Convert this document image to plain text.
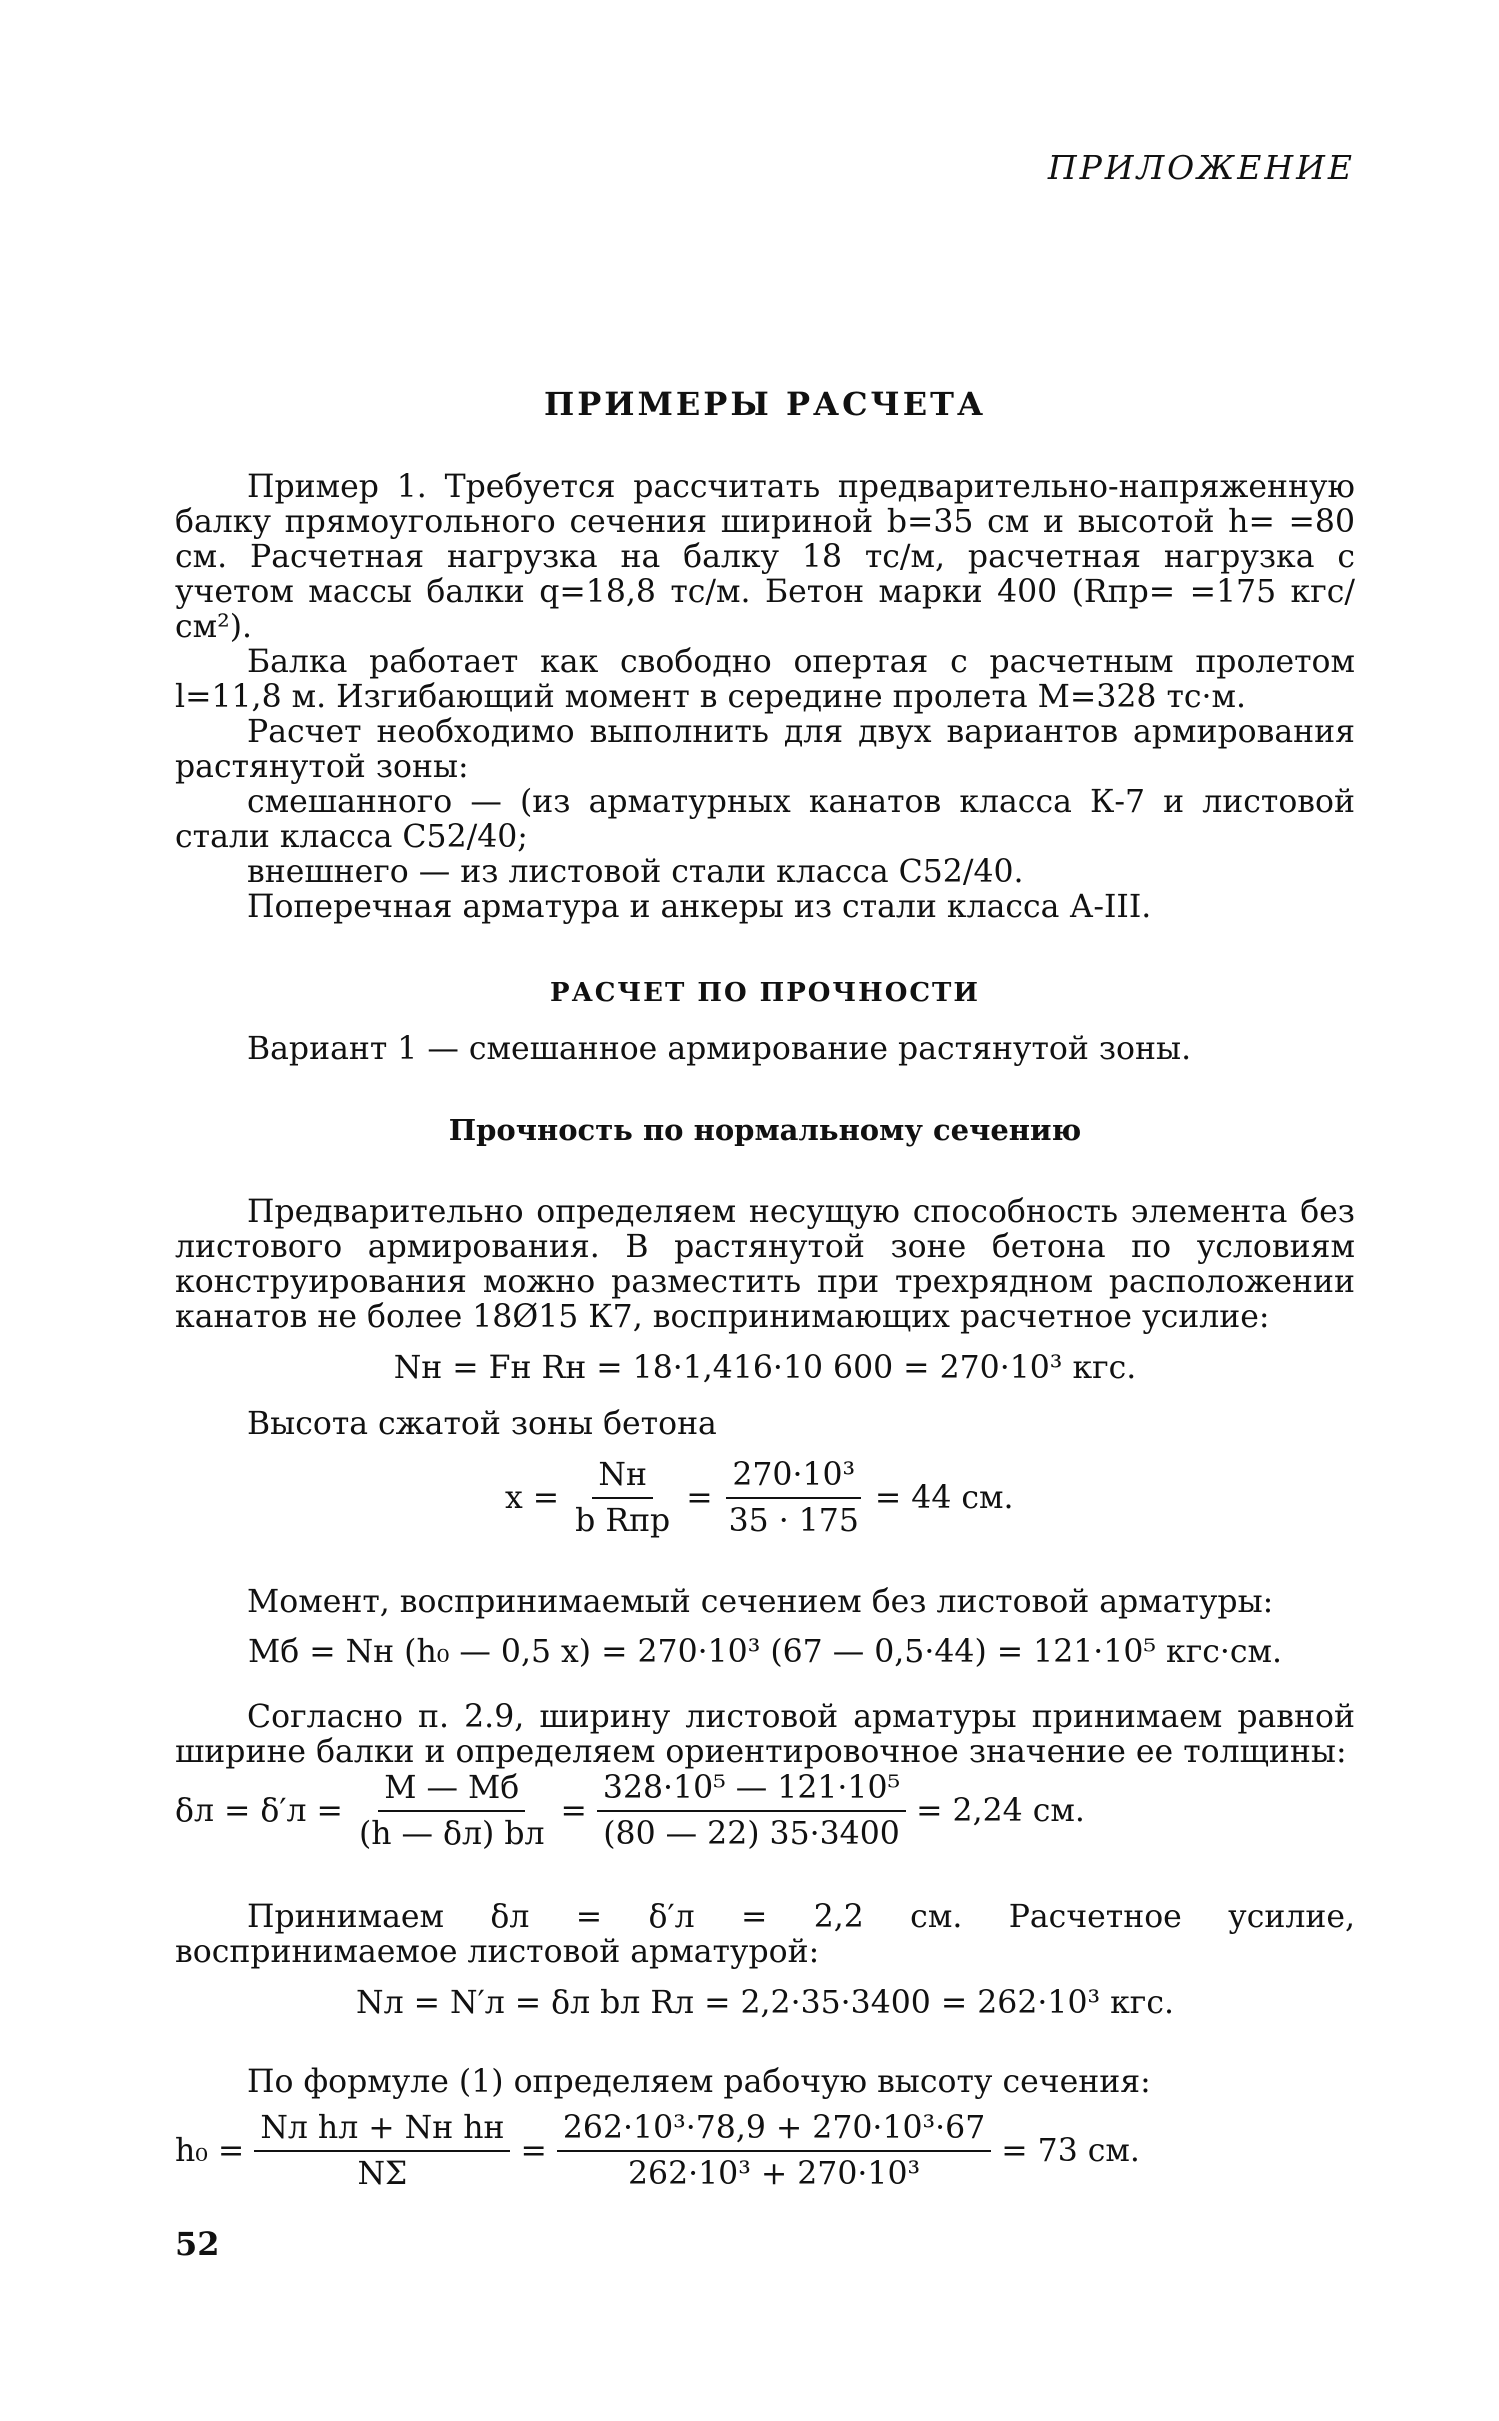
ПРИЛОЖЕНИЕ
ПРИМЕРЫ РАСЧЕТА

Пример 1. Требуется рассчитать предварительно-напряженную балку прямоугольного сечения шириной b=35 см и высотой h= =80 см. Расчетная нагрузка на балку 18 тс/м, расчетная нагрузка с учетом массы балки q=18,8 тс/м. Бетон марки 400 (Rпр= =175 кгс/см²).

Балка работает как свободно опертая с расчетным пролетом l=11,8 м. Изгибающий момент в середине пролета M=328 тс·м.

Расчет необходимо выполнить для двух вариантов армирования растянутой зоны:

смешанного — (из арматурных канатов класса К-7 и листовой стали класса С52/40;

внешнего — из листовой стали класса С52/40.

Поперечная арматура и анкеры из стали класса А-III.

РАСЧЕТ ПО ПРОЧНОСТИ
Вариант 1 — смешанное армирование растянутой зоны.
Прочность по нормальному сечению

Предварительно определяем несущую способность элемента без листового армирования. В растянутой зоне бетона по условиям конструирования можно разместить при трехрядном расположении канатов не более 18Ø15 К7, воспринимающих расчетное усилие:

Nн = Fн Rн = 18·1,416·10 600 = 270·10³ кгс.
Высота сжатой зоны бетона
$x = \frac{Nн}{\text{b Rпр}} = \frac{\text{270·10³}}{35 \cdot 175} = 44$ см.
Момент, воспринимаемый сечением без листовой арматуры:
Mб = Nн (h₀ — 0,5 x) = 270·10³ (67 — 0,5·44) = 121·10⁵ кгс·см.

Согласно п. 2.9, ширину листовой арматуры принимаем равной ширине балки и определяем ориентировочное значение ее толщины:

$\delta л = \delta'л = \frac{M — Mб}{(h — \delta л) bл} = \frac{\text{328·10⁵ — 121·10⁵}}{(80 — 22) 35\cdot 3400} = 2,24$ см.

Принимаем δл = δ′л = 2,2 см. Расчетное усилие, воспринимаемое листовой арматурой:

Nл = N′л = δл bл Rл = 2,2·35·3400 = 262·10³ кгс.
По формуле (1) определяем рабочую высоту сечения:
$h_0 = \frac{\text{Nл hл + Nн hн}}{N\Sigma} = \frac{\text{262·10³·78,9 + 270·10³·67}}{\text{262·10³ + 270·10³}} = 73$ см.
52
